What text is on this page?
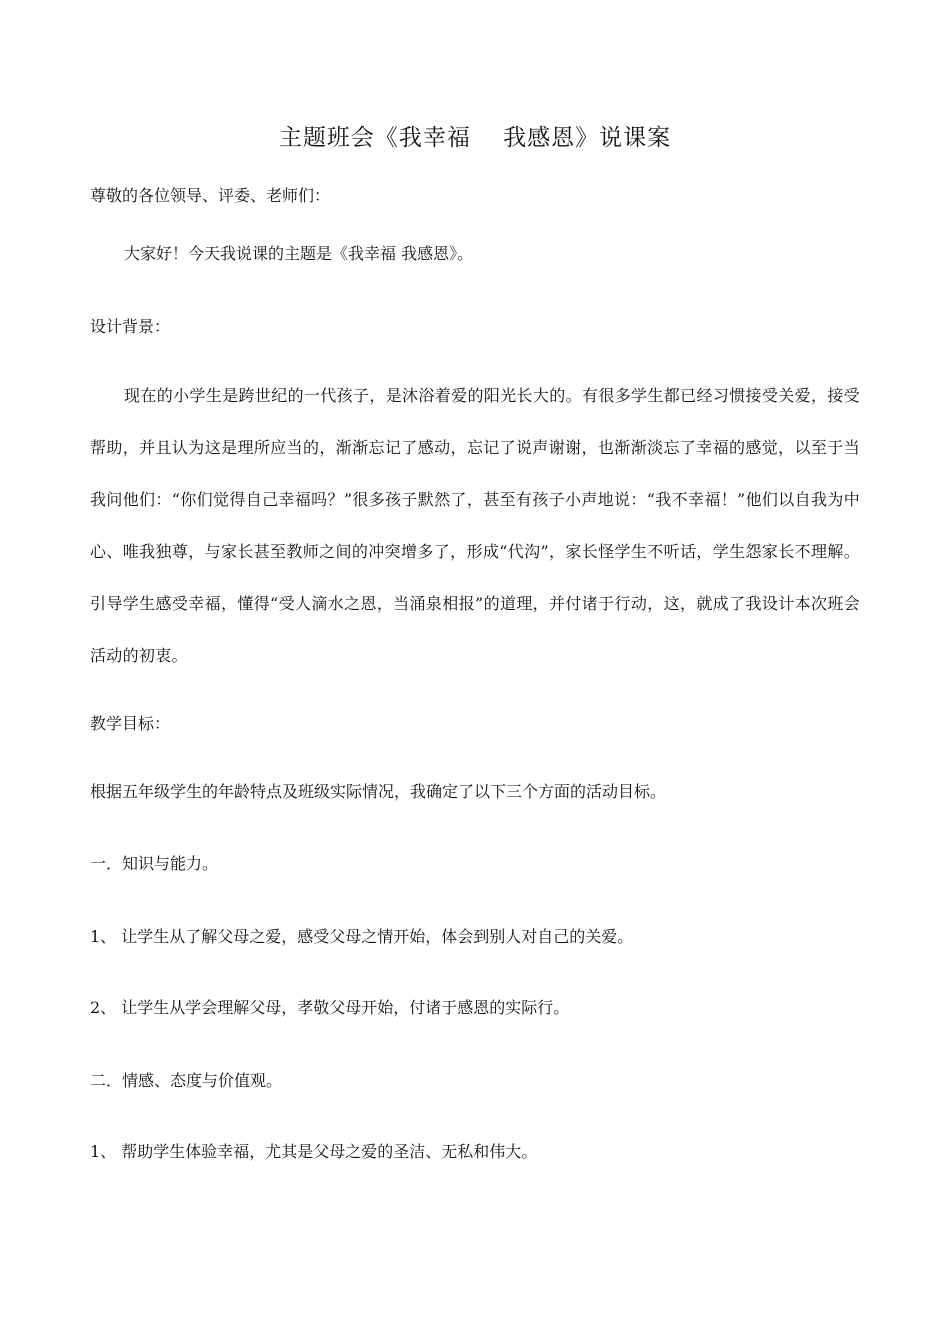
主题班会《我幸福　 我感恩》说课案
尊敬的各位领导、评委、老师们：
大家好！今天我说课的主题是《我幸福 我感恩》。
设计背景：
现在的小学生是跨世纪的一代孩子，是沐浴着爱的阳光长大的。有很多学生都已经习惯接受关爱，接受帮助，并且认为这是理所应当的，渐渐忘记了感动，忘记了说声谢谢，也渐渐淡忘了幸福的感觉，以至于当我问他们：“你们觉得自己幸福吗？”很多孩子默然了，甚至有孩子小声地说：“我不幸福！”他们以自我为中心、唯我独尊，与家长甚至教师之间的冲突增多了，形成“代沟”，家长怪学生不听话，学生怨家长不理解。引导学生感受幸福，懂得“受人滴水之恩，当涌泉相报”的道理，并付诸于行动，这，就成了我设计本次班会活动的初衷。
教学目标：
根据五年级学生的年龄特点及班级实际情况，我确定了以下三个方面的活动目标。
一．知识与能力。
1、 让学生从了解父母之爱，感受父母之情开始，体会到别人对自己的关爱。
2、 让学生从学会理解父母，孝敬父母开始，付诸于感恩的实际行。
二．情感、态度与价值观。
1、 帮助学生体验幸福，尤其是父母之爱的圣洁、无私和伟大。
